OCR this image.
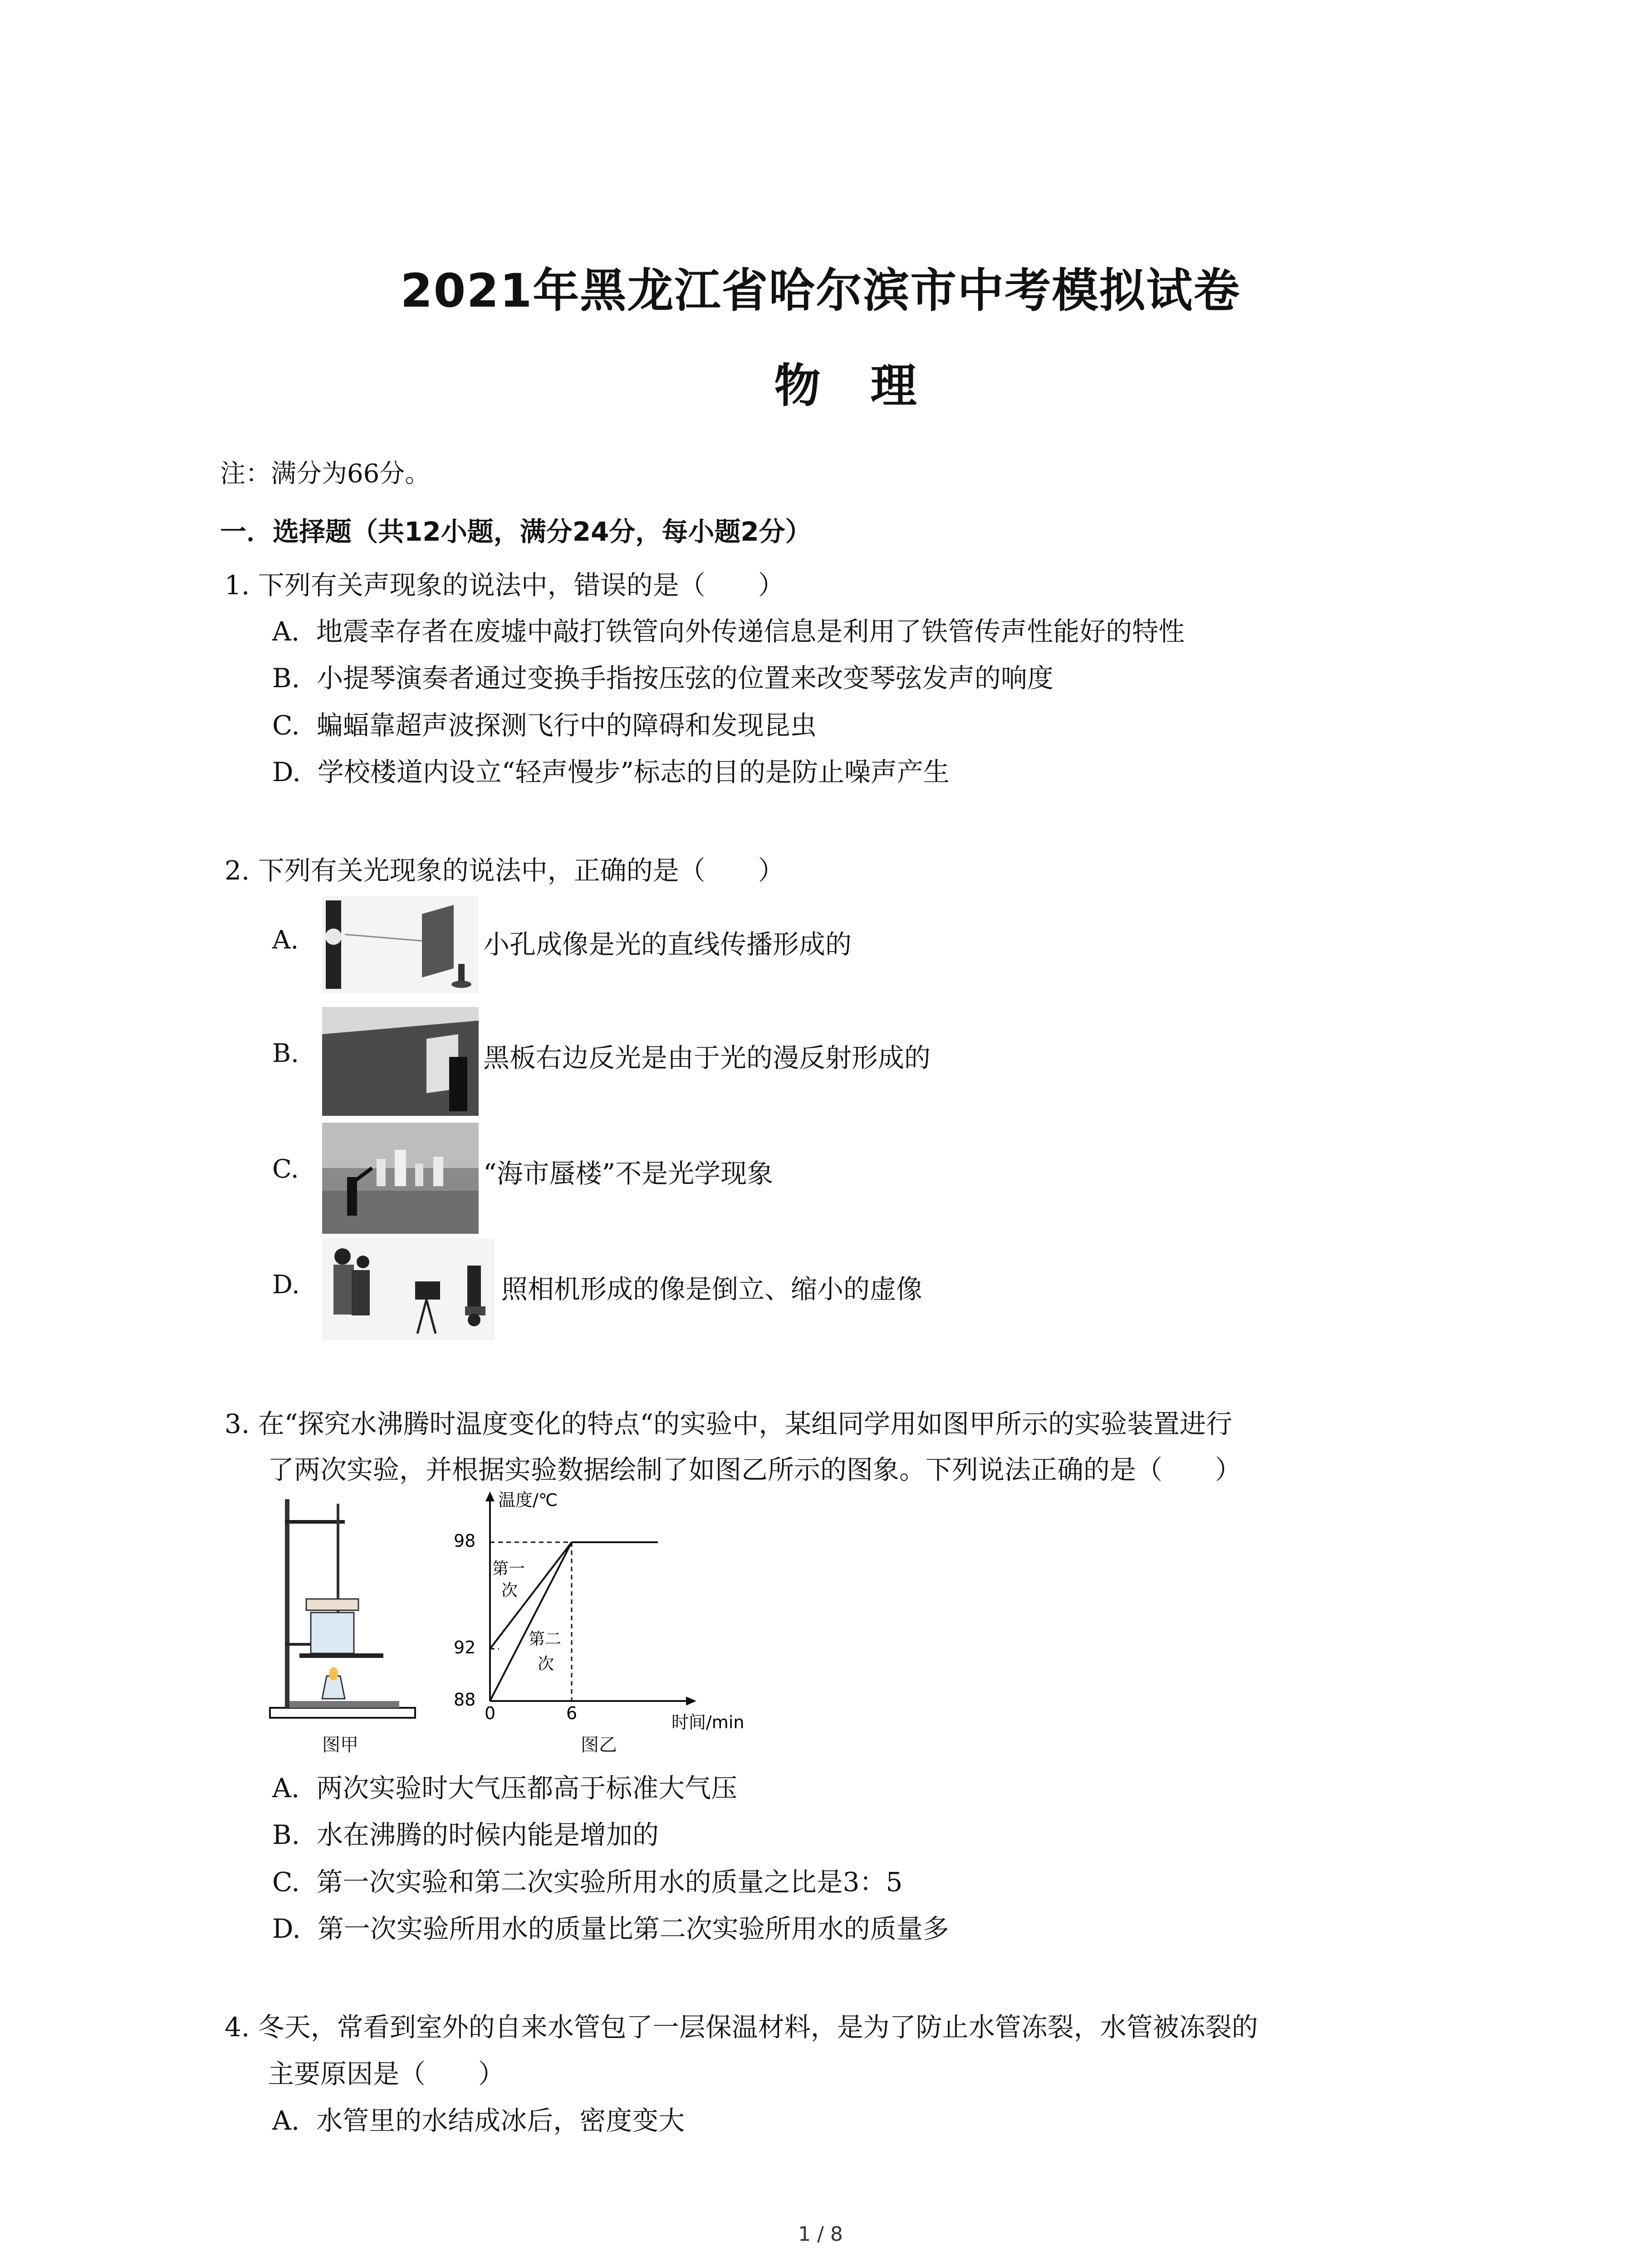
2021年黑龙江省哈尔滨市中考模拟试卷
物理
注：满分为66分。
一．选择题（共12小题，满分24分，每小题2分）
1. 下列有关声现象的说法中，错误的是（　　）
A. 地震幸存者在废墟中敲打铁管向外传递信息是利用了铁管传声性能好的特性
B. 小提琴演奏者通过变换手指按压弦的位置来改变琴弦发声的响度
C. 蝙蝠靠超声波探测飞行中的障碍和发现昆虫
D. 学校楼道内设立“轻声慢步”标志的目的是防止噪声产生
2. 下列有关光现象的说法中，正确的是（　　）
A.	小孔成像是光的直线传播形成的
B.	黑板右边反光是由于光的漫反射形成的
C.	“海市蜃楼”不是光学现象
D.	照相机形成的像是倒立、缩小的虚像
3. 在“探究水沸腾时温度变化的特点“的实验中，某组同学用如图甲所示的实验装置进行
了两次实验，并根据实验数据绘制了如图乙所示的图象。下列说法正确的是（　　）
图甲
温度/℃
98
92
88
0	6	时间/min
第一
次
第二
次
图乙
A. 两次实验时大气压都高于标准大气压
B. 水在沸腾的时候内能是增加的
C. 第一次实验和第二次实验所用水的质量之比是3：5
D. 第一次实验所用水的质量比第二次实验所用水的质量多
4. 冬天，常看到室外的自来水管包了一层保温材料，是为了防止水管冻裂，水管被冻裂的
主要原因是（　　）
A. 水管里的水结成冰后，密度变大
1 / 8
